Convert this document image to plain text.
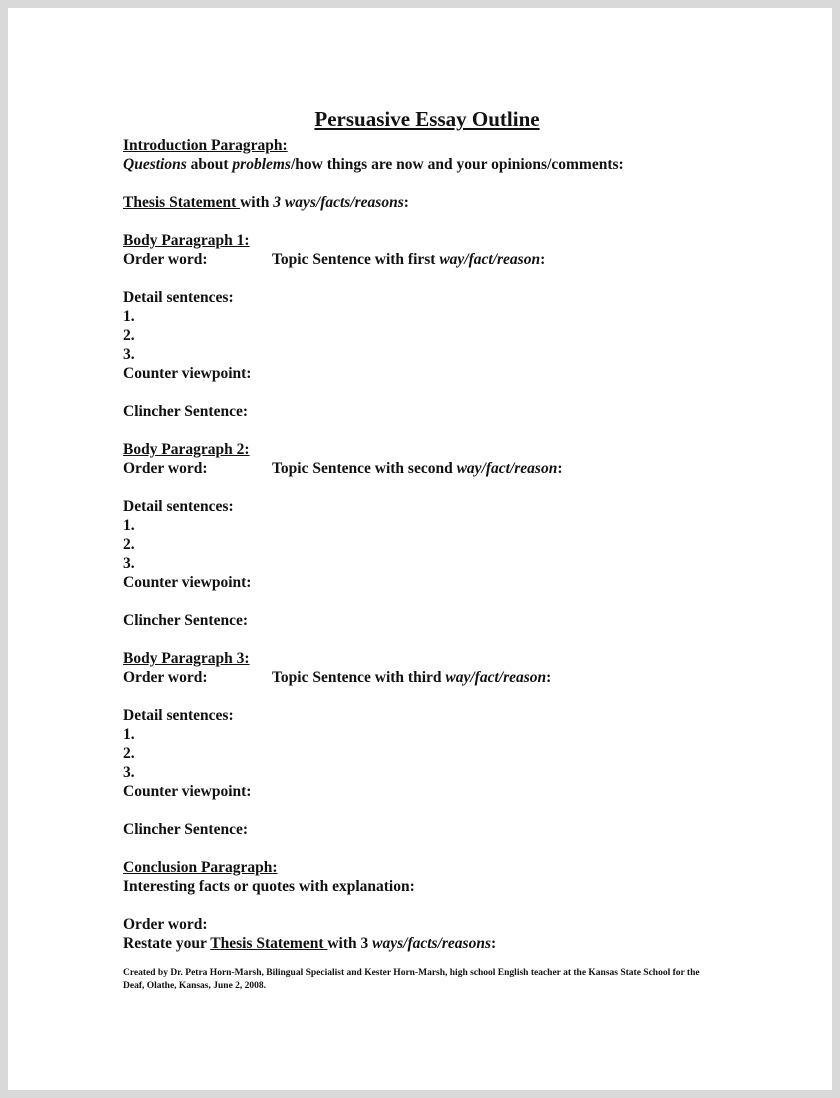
Persuasive Essay Outline
Introduction Paragraph:
Questions about problems/how things are now and your opinions/comments:
Thesis Statement with 3 ways/facts/reasons:
Body Paragraph 1:
Order word:	Topic Sentence with first way/fact/reason:
Detail sentences:
1.
2.
3.
Counter viewpoint:
Clincher Sentence:
Body Paragraph 2:
Order word:	Topic Sentence with second way/fact/reason:
Detail sentences:
1.
2.
3.
Counter viewpoint:
Clincher Sentence:
Body Paragraph 3:
Order word:	Topic Sentence with third way/fact/reason:
Detail sentences:
1.
2.
3.
Counter viewpoint:
Clincher Sentence:
Conclusion Paragraph:
Interesting facts or quotes with explanation:
Order word:
Restate your Thesis Statement with 3 ways/facts/reasons:
Created by Dr. Petra Horn-Marsh, Bilingual Specialist and Kester Horn-Marsh, high school English teacher at the Kansas State School for the Deaf, Olathe, Kansas, June 2, 2008.
